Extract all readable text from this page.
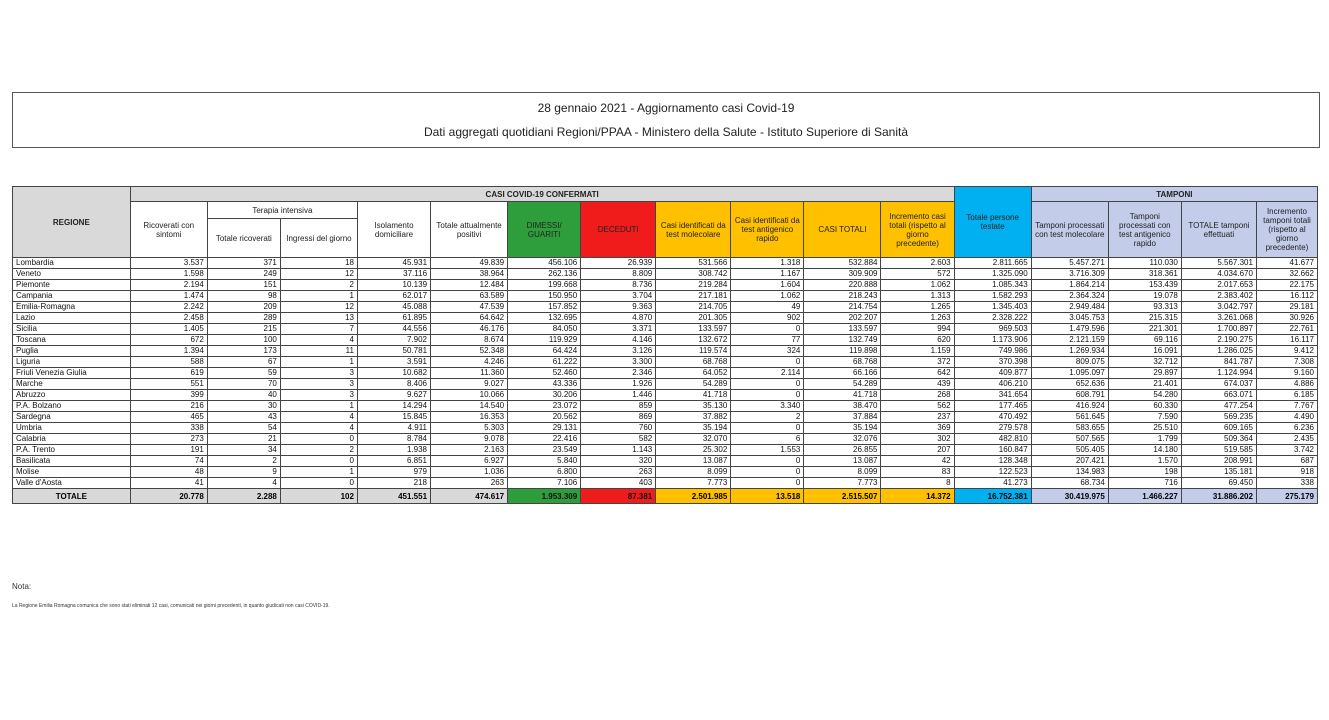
28 gennaio 2021 - Aggiornamento casi Covid-19
Dati aggregati quotidiani Regioni/PPAA - Ministero della Salute - Istituto Superiore di Sanità
REGIONE	CASI COVID-19 CONFERMATI											Totale persone testate	TAMPONI			
	Ricoverati con sintomi	Terapia intensiva		Isolamento domiciliare	Totale attualmente positivi	DIMESSI/ GUARITI	DECEDUTI	Casi identificati da test molecolare	Casi identificati da test antigenico rapido	CASI TOTALI	Incremento casi totali (rispetto al giorno precedente)		Tamponi processati con test molecolare	Tamponi processati con test antigenico rapido	TOTALE tamponi effettuati	Incremento tamponi totali (rispetto al giorno precedente)
		Totale ricoverati	Ingressi del giorno													
Lombardia	3.537	371	18	45.931	49.839	456.106	26.939	531.566	1.318	532.884	2.603	2.811.665	5.457.271	110.030	5.567.301	41.677
Veneto	1.598	249	12	37.116	38.964	262.136	8.809	308.742	1.167	309.909	572	1.325.090	3.716.309	318.361	4.034.670	32.662
Piemonte	2.194	151	2	10.139	12.484	199.668	8.736	219.284	1.604	220.888	1.062	1.085.343	1.864.214	153.439	2.017.653	22.175
Campania	1.474	98	1	62.017	63.589	150.950	3.704	217.181	1.062	218.243	1.313	1.582.293	2.364.324	19.078	2.383.402	16.112
Emilia-Romagna	2.242	209	12	45.088	47.539	157.852	9.363	214.705	49	214.754	1.265	1.345.403	2.949.484	93.313	3.042.797	29.181
Lazio	2.458	289	13	61.895	64.642	132.695	4.870	201.305	902	202.207	1.263	2.328.222	3.045.753	215.315	3.261.068	30.926
Sicilia	1.405	215	7	44.556	46.176	84.050	3.371	133.597	0	133.597	994	969.503	1.479.596	221.301	1.700.897	22.761
Toscana	672	100	4	7.902	8.674	119.929	4.146	132.672	77	132.749	620	1.173.906	2.121.159	69.116	2.190.275	16.117
Puglia	1.394	173	11	50.781	52.348	64.424	3.126	119.574	324	119.898	1.159	749.986	1.269.934	16.091	1.286.025	9.412
Liguria	588	67	1	3.591	4.246	61.222	3.300	68.768	0	68.768	372	370.398	809.075	32.712	841.787	7.308
Friuli Venezia Giulia	619	59	3	10.682	11.360	52.460	2.346	64.052	2.114	66.166	642	409.877	1.095.097	29.897	1.124.994	9.160
Marche	551	70	3	8.406	9.027	43.336	1.926	54.289	0	54.289	439	406.210	652.636	21.401	674.037	4.886
Abruzzo	399	40	3	9.627	10.066	30.206	1.446	41.718	0	41.718	268	341.654	608.791	54.280	663.071	6.185
P.A. Bolzano	216	30	1	14.294	14.540	23.072	859	35.130	3.340	38.470	562	177.465	416.924	60.330	477.254	7.767
Sardegna	465	43	4	15.845	16.353	20.562	869	37.882	2	37.884	237	470.492	561.645	7.590	569.235	4.490
Umbria	338	54	4	4.911	5.303	29.131	760	35.194	0	35.194	369	279.578	583.655	25.510	609.165	6.236
Calabria	273	21	0	8.784	9.078	22.416	582	32.070	6	32.076	302	482.810	507.565	1.799	509.364	2.435
P.A. Trento	191	34	2	1.938	2.163	23.549	1.143	25.302	1.553	26.855	207	160.847	505.405	14.180	519.585	3.742
Basilicata	74	2	0	6.851	6.927	5.840	320	13.087	0	13.087	42	128.348	207.421	1.570	208.991	687
Molise	48	9	1	979	1.036	6.800	263	8.099	0	8.099	83	122.523	134.983	198	135.181	918
Valle d'Aosta	41	4	0	218	263	7.106	403	7.773	0	7.773	8	41.273	68.734	716	69.450	338
TOTALE	20.778	2.288	102	451.551	474.617	1.953.309	87.381	2.501.985	13.518	2.515.507	14.372	16.752.381	30.419.975	1.466.227	31.886.202	275.179
Nota:
La Regione Emilia Romagna comunica che sono stati eliminati 12 casi, comunicati nei giorni precedenti, in quanto giudicati non casi COVID-19.
